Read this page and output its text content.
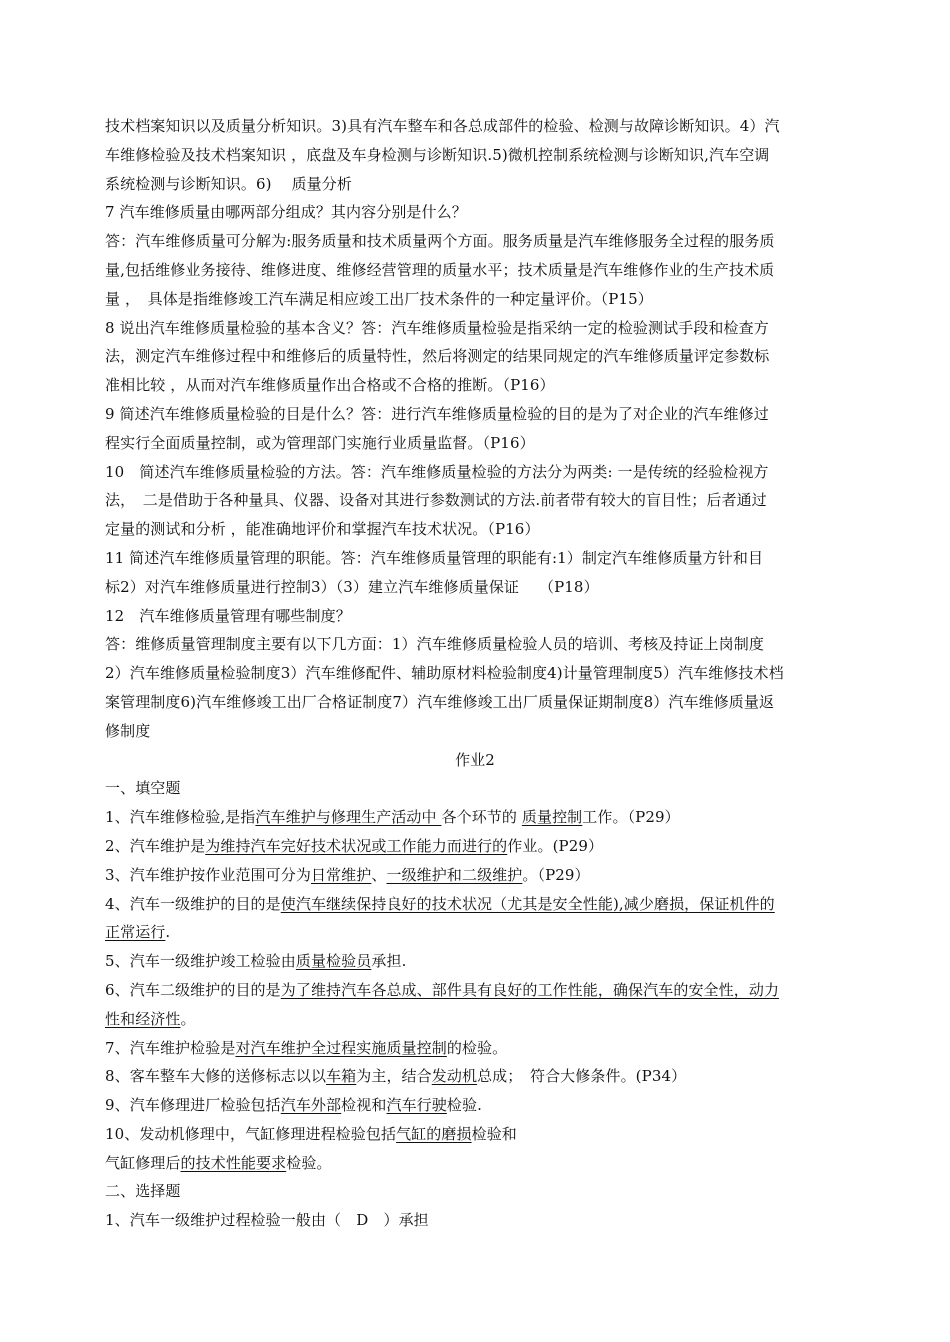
技术档案知识以及质量分析知识。3)具有汽车整车和各总成部件的检验、检测与故障诊断知识。4）汽
车维修检验及技术档案知识 ，底盘及车身检测与诊断知识.5)微机控制系统检测与诊断知识,汽车空调
系统检测与诊断知识。6)　 质量分析
7 汽车维修质量由哪两部分组成？其内容分别是什么？
答：汽车维修质量可分解为:服务质量和技术质量两个方面。服务质量是汽车维修服务全过程的服务质
量,包括维修业务接待、维修进度、维修经营管理的质量水平；技术质量是汽车维修作业的生产技术质
量 ，　具体是指维修竣工汽车满足相应竣工出厂技术条件的一种定量评价。（P15）
8 说出汽车维修质量检验的基本含义？答：汽车维修质量检验是指采纳一定的检验测试手段和检查方
法，测定汽车维修过程中和维修后的质量特性，然后将测定的结果同规定的汽车维修质量评定参数标
准相比较 ，从而对汽车维修质量作出合格或不合格的推断。（P16）
9 简述汽车维修质量检验的目是什么？答：进行汽车维修质量检验的目的是为了对企业的汽车维修过
程实行全面质量控制，或为管理部门实施行业质量监督。（P16）
10　简述汽车维修质量检验的方法。答：汽车维修质量检验的方法分为两类: 一是传统的经验检视方
法，　二是借助于各种量具、仪器、设备对其进行参数测试的方法.前者带有较大的盲目性；后者通过
定量的测试和分析 ，能准确地评价和掌握汽车技术状况。（P16）
11 简述汽车维修质量管理的职能。答：汽车维修质量管理的职能有:1）制定汽车维修质量方针和目
标2）对汽车维修质量进行控制3）（3）建立汽车维修质量保证　 （P18）
12　汽车维修质量管理有哪些制度？
答：维修质量管理制度主要有以下几方面：1）汽车维修质量检验人员的培训、考核及持证上岗制度
2）汽车维修质量检验制度3）汽车维修配件、辅助原材料检验制度4)计量管理制度5）汽车维修技术档
案管理制度6)汽车维修竣工出厂合格证制度7）汽车维修竣工出厂质量保证期制度8）汽车维修质量返
修制度
作业2
一、填空题
1、汽车维修检验,是指汽车维护与修理生产活动中 各个环节的 质量控制工作。（P29）
2、汽车维护是为维持汽车完好技术状况或工作能力而进行的作业。(P29）
3、汽车维护按作业范围可分为日常维护、一级维护和二级维护。（P29）
4、汽车一级维护的目的是使汽车继续保持良好的技术状况（尤其是安全性能),减少磨损，保证机件的
正常运行.
5、汽车一级维护竣工检验由质量检验员承担.
6、汽车二级维护的目的是为了维持汽车各总成、部件具有良好的工作性能，确保汽车的安全性，动力
性和经济性。
7、汽车维护检验是对汽车维护全过程实施质量控制的检验。
8、客车整车大修的送修标志以以车箱为主，结合发动机总成；　符合大修条件。(P34）
9、汽车修理进厂检验包括汽车外部检视和汽车行驶检验.
10、发动机修理中，气缸修理进程检验包括气缸的磨损检验和
气缸修理后的技术性能要求检验。
二、选择题
1、汽车一级维护过程检验一般由（　D　）承担
